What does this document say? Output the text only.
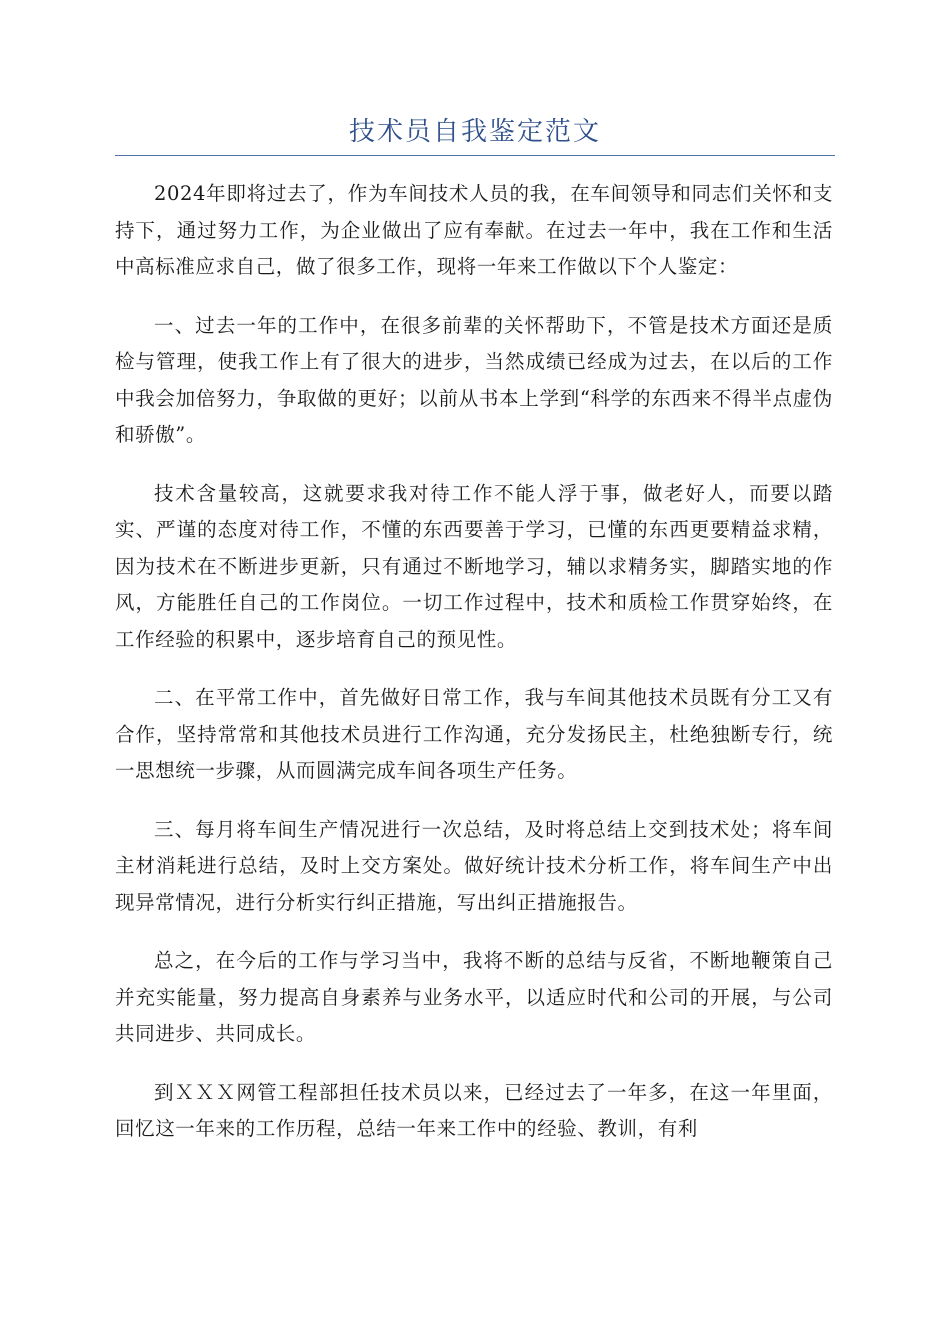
技术员自我鉴定范文

2024年即将过去了，作为车间技术人员的我，在车间领导和同志们关怀和支持下，通过努力工作，为企业做出了应有奉献。在过去一年中，我在工作和生活中高标准应求自己，做了很多工作，现将一年来工作做以下个人鉴定：

一、过去一年的工作中，在很多前辈的关怀帮助下，不管是技术方面还是质检与管理，使我工作上有了很大的进步，当然成绩已经成为过去，在以后的工作中我会加倍努力，争取做的更好；以前从书本上学到“科学的东西来不得半点虚伪和骄傲”。

技术含量较高，这就要求我对待工作不能人浮于事，做老好人，而要以踏实、严谨的态度对待工作，不懂的东西要善于学习，已懂的东西更要精益求精，因为技术在不断进步更新，只有通过不断地学习，辅以求精务实，脚踏实地的作风，方能胜任自己的工作岗位。一切工作过程中，技术和质检工作贯穿始终，在工作经验的积累中，逐步培育自己的预见性。

二、在平常工作中，首先做好日常工作，我与车间其他技术员既有分工又有合作，坚持常常和其他技术员进行工作沟通，充分发扬民主，杜绝独断专行，统一思想统一步骤，从而圆满完成车间各项生产任务。

三、每月将车间生产情况进行一次总结，及时将总结上交到技术处；将车间主材消耗进行总结，及时上交方案处。做好统计技术分析工作，将车间生产中出现异常情况，进行分析实行纠正措施，写出纠正措施报告。

总之，在今后的工作与学习当中，我将不断的总结与反省，不断地鞭策自己并充实能量，努力提高自身素养与业务水平，以适应时代和公司的开展，与公司共同进步、共同成长。

到ＸＸＸ网管工程部担任技术员以来，已经过去了一年多，在这一年里面，回忆这一年来的工作历程，总结一年来工作中的经验、教训，有利
